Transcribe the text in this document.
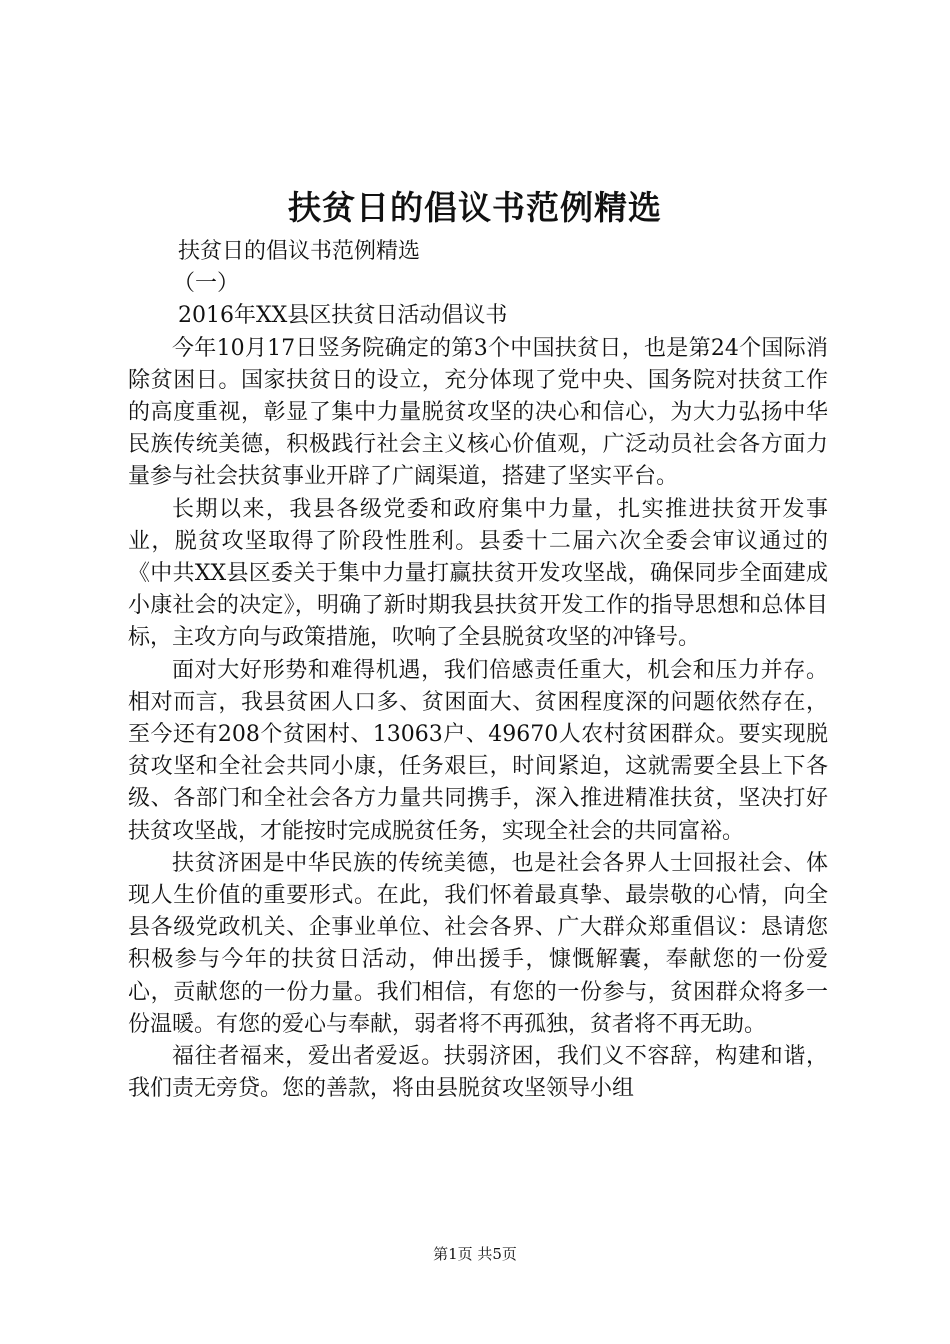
扶贫日的倡议书范例精选

扶贫日的倡议书范例精选

（一）

2016年XX县区扶贫日活动倡议书

今年10月17日竖务院确定的第3个中国扶贫日，也是第24个国际消除贫困日。国家扶贫日的设立，充分体现了党中央、国务院对扶贫工作的高度重视，彰显了集中力量脱贫攻坚的决心和信心，为大力弘扬中华民族传统美德，积极践行社会主义核心价值观，广泛动员社会各方面力量参与社会扶贫事业开辟了广阔渠道，搭建了坚实平台。

长期以来，我县各级党委和政府集中力量，扎实推进扶贫开发事业，脱贫攻坚取得了阶段性胜利。县委十二届六次全委会审议通过的《中共XX县区委关于集中力量打赢扶贫开发攻坚战，确保同步全面建成小康社会的决定》，明确了新时期我县扶贫开发工作的指导思想和总体目标，主攻方向与政策措施，吹响了全县脱贫攻坚的冲锋号。

面对大好形势和难得机遇，我们倍感责任重大，机会和压力并存。相对而言，我县贫困人口多、贫困面大、贫困程度深的问题依然存在，至今还有208个贫困村、13063户、49670人农村贫困群众。要实现脱贫攻坚和全社会共同小康，任务艰巨，时间紧迫，这就需要全县上下各级、各部门和全社会各方力量共同携手，深入推进精准扶贫，坚决打好扶贫攻坚战，才能按时完成脱贫任务，实现全社会的共同富裕。

扶贫济困是中华民族的传统美德，也是社会各界人士回报社会、体现人生价值的重要形式。在此，我们怀着最真挚、最崇敬的心情，向全县各级党政机关、企事业单位、社会各界、广大群众郑重倡议：恳请您积极参与今年的扶贫日活动，伸出援手，慷慨解囊，奉献您的一份爱心，贡献您的一份力量。我们相信，有您的一份参与，贫困群众将多一份温暖。有您的爱心与奉献，弱者将不再孤独，贫者将不再无助。

福往者福来，爱出者爱返。扶弱济困，我们义不容辞，构建和谐，我们责无旁贷。您的善款，将由县脱贫攻坚领导小组

第1页 共5页
